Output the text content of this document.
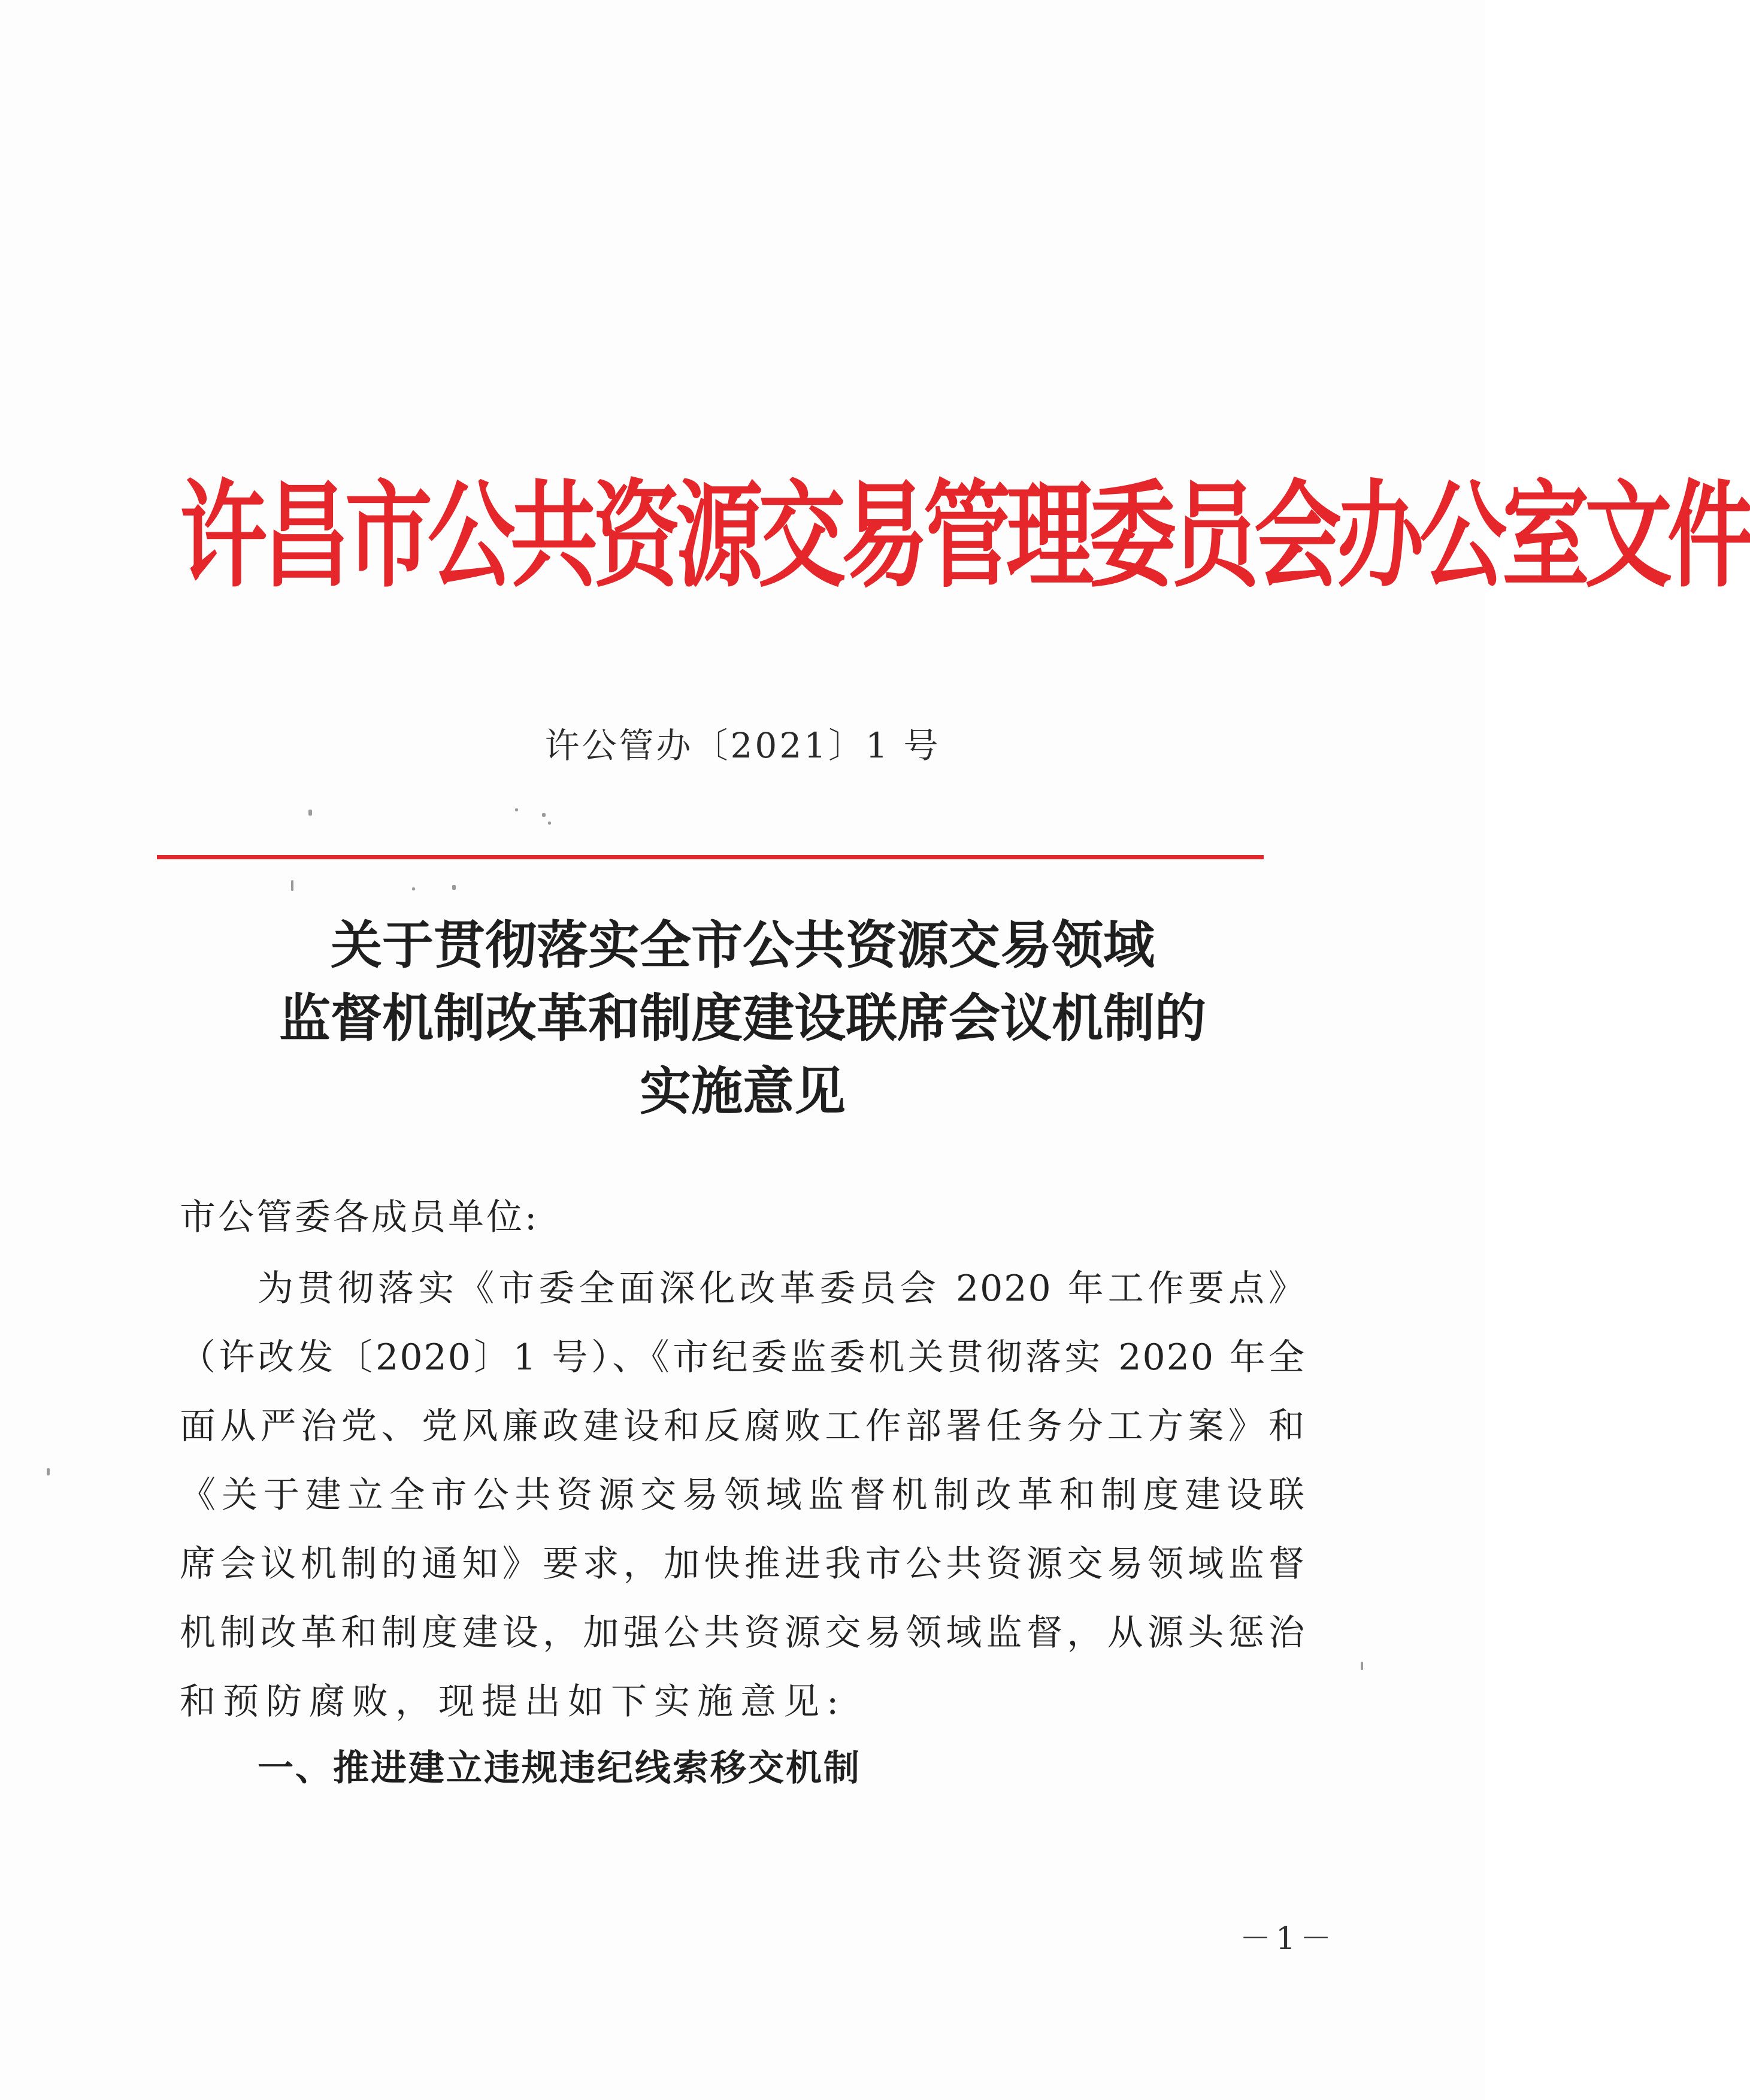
许昌市公共资源交易管理委员会办公室文件
许公管办〔2021〕1 号
关于贯彻落实全市公共资源交易领域
监督机制改革和制度建设联席会议机制的
实施意见
市公管委各成员单位:
为贯彻落实《市委全面深化改革委员会 2020 年工作要点》
（许改发〔2020〕1 号）、《市纪委监委机关贯彻落实 2020 年全
面从严治党、党风廉政建设和反腐败工作部署任务分工方案》和
《关于建立全市公共资源交易领域监督机制改革和制度建设联
席会议机制的通知》要求，加快推进我市公共资源交易领域监督
机制改革和制度建设，加强公共资源交易领域监督，从源头惩治
和预防腐败，现提出如下实施意见:
一、推进建立违规违纪线索移交机制
－1－
